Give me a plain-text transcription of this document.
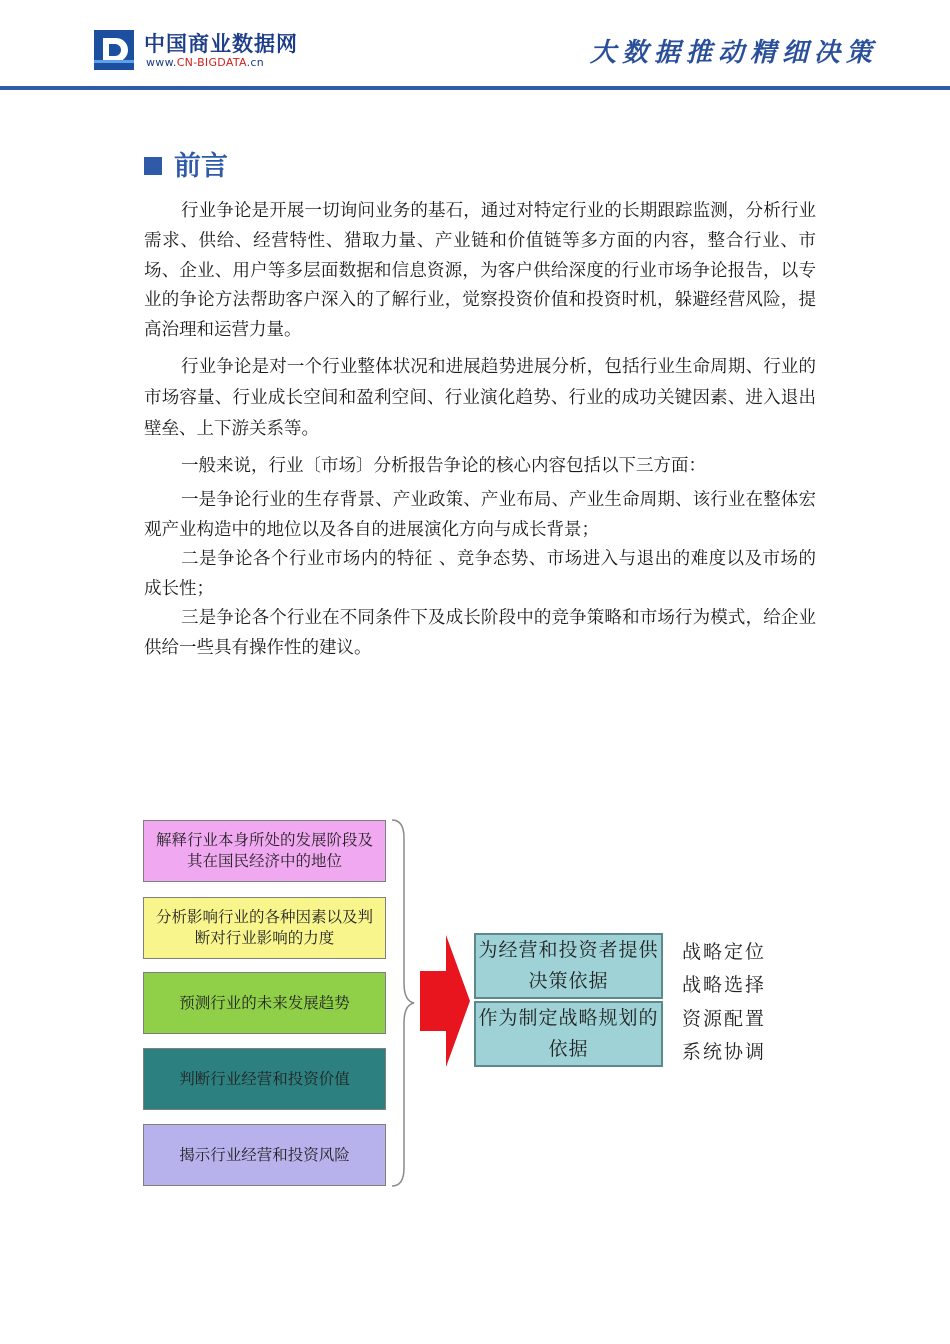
中国商业数据网
www.CN-BIGDATA.cn	大数据推动精细决策
前言

行业争论是开展一切询问业务的基石，通过对特定行业的长期跟踪监测，分析行业需求、供给、经营特性、猎取力量、产业链和价值链等多方面的内容，整合行业、市场、企业、用户等多层面数据和信息资源，为客户供给深度的行业市场争论报告，以专业的争论方法帮助客户深入的了解行业，觉察投资价值和投资时机，躲避经营风险，提高治理和运营力量。

行业争论是对一个行业整体状况和进展趋势进展分析，包括行业生命周期、行业的市场容量、行业成长空间和盈利空间、行业演化趋势、行业的成功关键因素、进入退出壁垒、上下游关系等。

一般来说，行业〔市场〕分析报告争论的核心内容包括以下三方面：

一是争论行业的生存背景、产业政策、产业布局、产业生命周期、该行业在整体宏观产业构造中的地位以及各自的进展演化方向与成长背景；

二是争论各个行业市场内的特征 、竞争态势、市场进入与退出的难度以及市场的成长性；

三是争论各个行业在不同条件下及成长阶段中的竞争策略和市场行为模式，给企业供给一些具有操作性的建议。

解释行业本身所处的发展阶段及其在国民经济中的地位
分析影响行业的各种因素以及判断对行业影响的力度
预测行业的未来发展趋势
判断行业经营和投资价值
揭示行业经营和投资风险
为经营和投资者提供决策依据
作为制定战略规划的依据
战略定位
战略选择
资源配置
系统协调
